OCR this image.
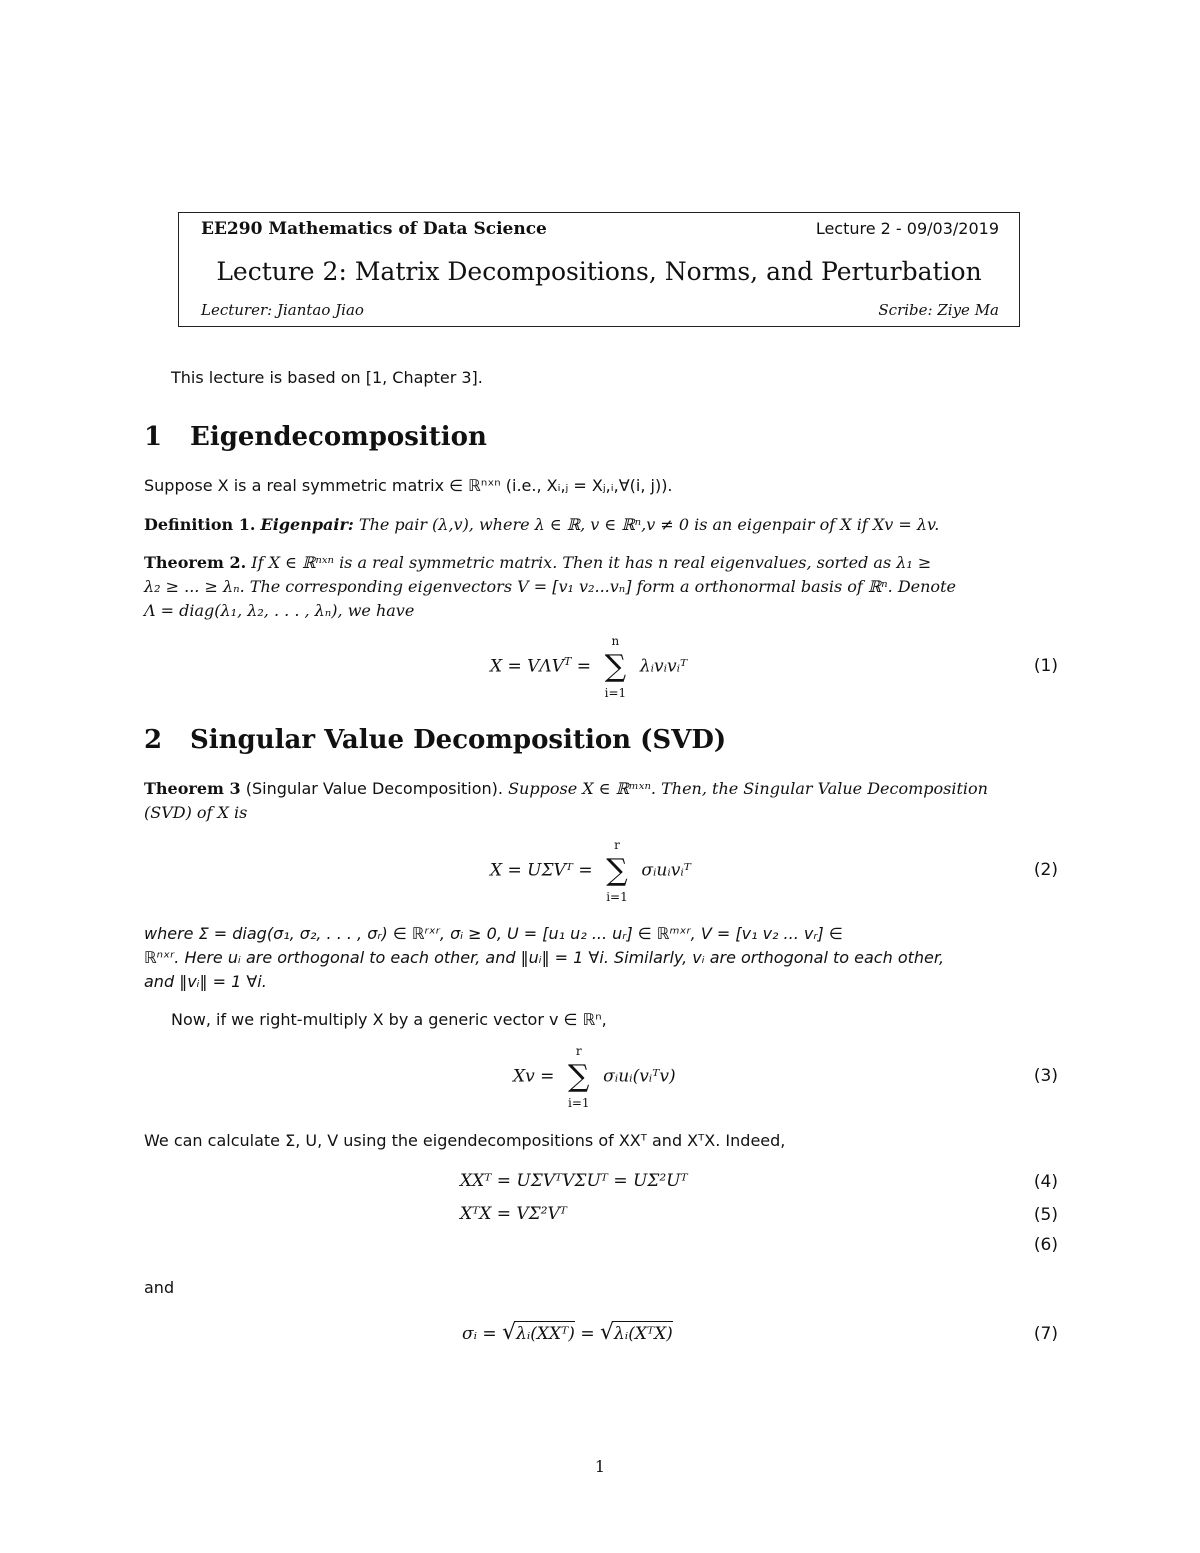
EE290 Mathematics of Data Science	Lecture 2 - 09/03/2019
Lecture 2: Matrix Decompositions, Norms, and Perturbation
Lecturer: Jiantao Jiao	Scribe: Ziye Ma
This lecture is based on [1, Chapter 3].
1 Eigendecomposition
Suppose X is a real symmetric matrix ∈ ℝⁿˣⁿ (i.e., Xᵢ,ⱼ = Xⱼ,ᵢ,∀(i, j)).
Definition 1. Eigenpair: The pair (λ,v), where λ ∈ ℝ, v ∈ ℝⁿ,v ≠ 0 is an eigenpair of X if Xv = λv.
Theorem 2. If X ∈ ℝⁿˣⁿ is a real symmetric matrix. Then it has n real eigenvalues, sorted as λ₁ ≥
λ₂ ≥ ... ≥ λₙ. The corresponding eigenvectors V = [v₁ v₂...vₙ] form a orthonormal basis of ℝⁿ. Denote
Λ = diag(λ₁, λ₂, . . . , λₙ), we have
$X = V\Lambda V^T$ =
n
∑
i=1
λᵢvᵢvᵢᵀ	(1)
2 Singular Value Decomposition (SVD)
Theorem 3 (Singular Value Decomposition). Suppose X ∈ ℝᵐˣⁿ. Then, the Singular Value Decomposition
(SVD) of X is
X = UΣVᵀ =
r
∑
i=1
σᵢuᵢvᵢᵀ	(2)
where Σ = diag(σ₁, σ₂, . . . , σᵣ) ∈ ℝʳˣʳ, σᵢ ≥ 0, U = [u₁ u₂ ... uᵣ] ∈ ℝᵐˣʳ, V = [v₁ v₂ ... vᵣ] ∈
ℝⁿˣʳ. Here uᵢ are orthogonal to each other, and ‖uᵢ‖ = 1 ∀i. Similarly, vᵢ are orthogonal to each other,
and ‖vᵢ‖ = 1 ∀i.
Now, if we right-multiply X by a generic vector v ∈ ℝⁿ,
Xv =
r
∑
i=1
σᵢuᵢ(vᵢᵀv)	(3)
We can calculate Σ, U, V using the eigendecompositions of XXᵀ and XᵀX. Indeed,
XXᵀ = UΣVᵀVΣUᵀ = UΣ²Uᵀ	(4)
XᵀX = VΣ²Vᵀ	(5)
(6)
and
σᵢ = √λᵢ(XXᵀ) = √λᵢ(XᵀX)	(7)
1
